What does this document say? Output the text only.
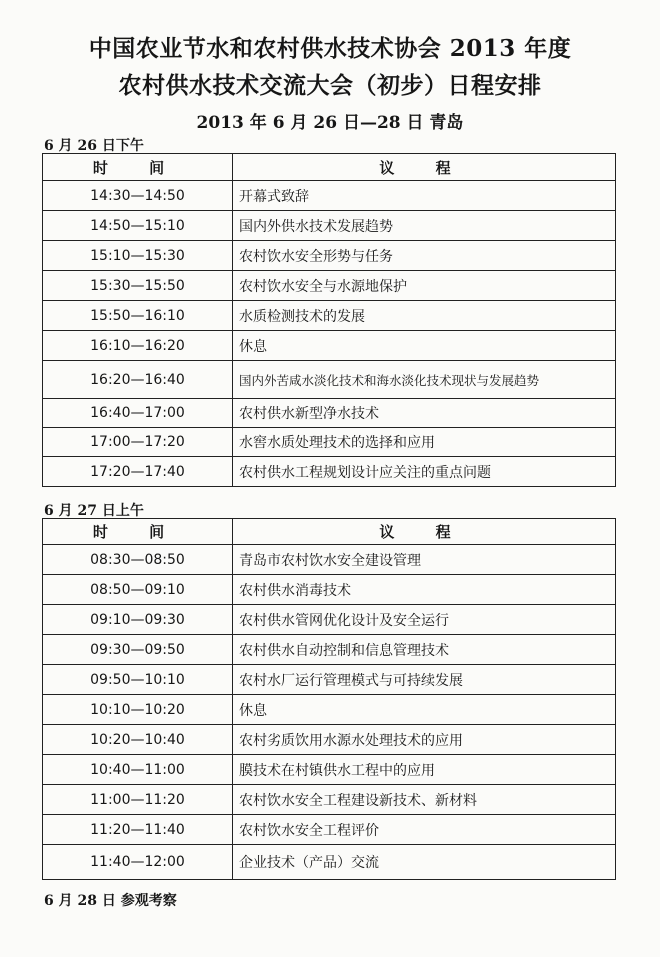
中国农业节水和农村供水技术协会 2013 年度
农村供水技术交流大会（初步）日程安排
2013 年 6 月 26 日—28 日 青岛
6 月 26 日下午
时 间	议 程
14:30—14:50	开幕式致辞
14:50—15:10	国内外供水技术发展趋势
15:10—15:30	农村饮水安全形势与任务
15:30—15:50	农村饮水安全与水源地保护
15:50—16:10	水质检测技术的发展
16:10—16:20	休息
16:20—16:40	国内外苦咸水淡化技术和海水淡化技术现状与发展趋势
16:40—17:00	农村供水新型净水技术
17:00—17:20	水窖水质处理技术的选择和应用
17:20—17:40	农村供水工程规划设计应关注的重点问题
6 月 27 日上午
时 间	议 程
08:30—08:50	青岛市农村饮水安全建设管理
08:50—09:10	农村供水消毒技术
09:10—09:30	农村供水管网优化设计及安全运行
09:30—09:50	农村供水自动控制和信息管理技术
09:50—10:10	农村水厂运行管理模式与可持续发展
10:10—10:20	休息
10:20—10:40	农村劣质饮用水源水处理技术的应用
10:40—11:00	膜技术在村镇供水工程中的应用
11:00—11:20	农村饮水安全工程建设新技术、新材料
11:20—11:40	农村饮水安全工程评价
11:40—12:00	企业技术（产品）交流
6 月 28 日 参观考察
